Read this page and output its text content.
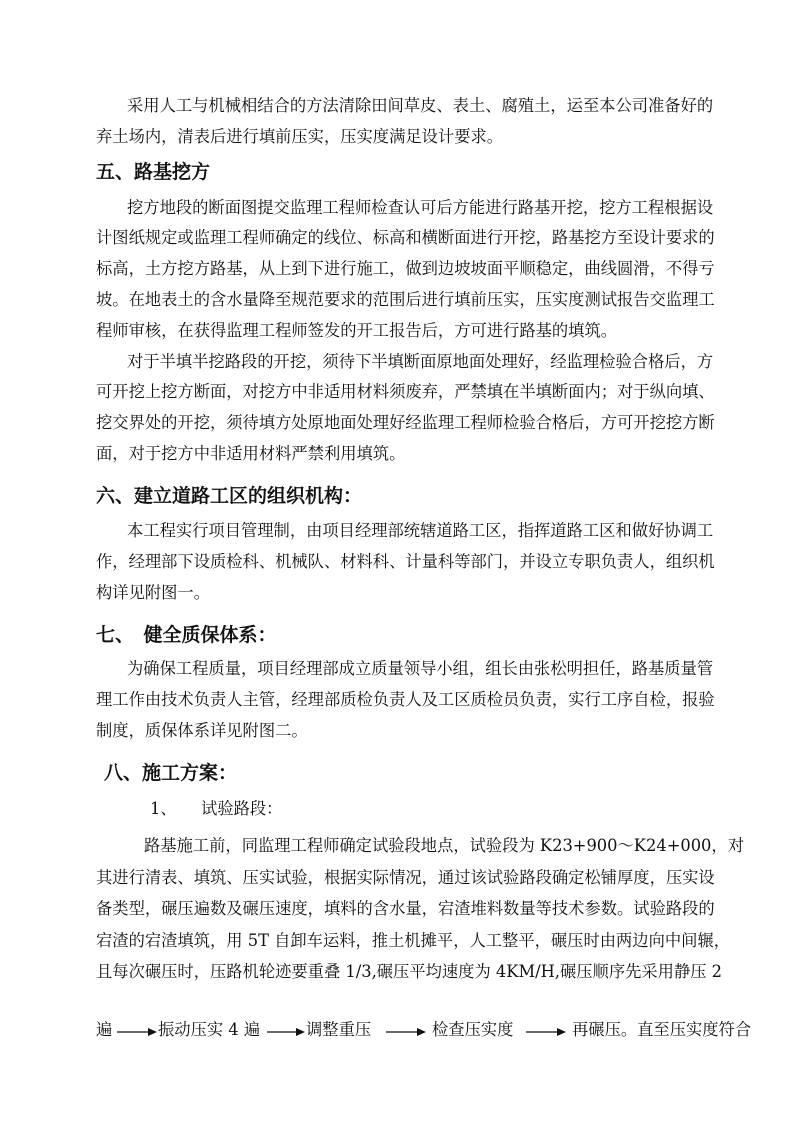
采用人工与机械相结合的方法清除田间草皮、表土、腐殖土，运至本公司准备好的
弃土场内，清表后进行填前压实，压实度满足设计要求。
五、路基挖方
挖方地段的断面图提交监理工程师检查认可后方能进行路基开挖，挖方工程根据设
计图纸规定或监理工程师确定的线位、标高和横断面进行开挖，路基挖方至设计要求的
标高，土方挖方路基，从上到下进行施工，做到边坡坡面平顺稳定，曲线圆滑，不得亏
坡。在地表土的含水量降至规范要求的范围后进行填前压实，压实度测试报告交监理工
程师审核，在获得监理工程师签发的开工报告后，方可进行路基的填筑。
对于半填半挖路段的开挖，须待下半填断面原地面处理好，经监理检验合格后，方
可开挖上挖方断面，对挖方中非适用材料须废弃，严禁填在半填断面内；对于纵向填、
挖交界处的开挖，须待填方处原地面处理好经监理工程师检验合格后，方可开挖挖方断
面，对于挖方中非适用材料严禁利用填筑。
六、建立道路工区的组织机构：
本工程实行项目管理制，由项目经理部统辖道路工区，指挥道路工区和做好协调工
作，经理部下设质检科、机械队、材料科、计量科等部门，并设立专职负责人，组织机
构详见附图一。
七、　健全质保体系：
为确保工程质量，项目经理部成立质量领导小组，组长由张松明担任，路基质量管
理工作由技术负责人主管，经理部质检负责人及工区质检员负责，实行工序自检，报验
制度，质保体系详见附图二。
八、施工方案：
1、　　试验路段：
路基施工前，同监理工程师确定试验段地点，试验段为 K23+900～K24+000，对
其进行清表、填筑、压实试验，根据实际情况，通过该试验路段确定松铺厚度，压实设
备类型，碾压遍数及碾压速度，填料的含水量，宕渣堆料数量等技术参数。试验路段的
宕渣的宕渣填筑，用 5T 自卸车运料，推土机摊平，人工整平，碾压时由两边向中间辗，
且每次碾压时，压路机轮迹要重叠 1/3,碾压平均速度为 4KM/H,碾压顺序先采用静压 2
遍	振动压实 4 遍	调整重压	检查压实度	再碾压。直至压实度符合
